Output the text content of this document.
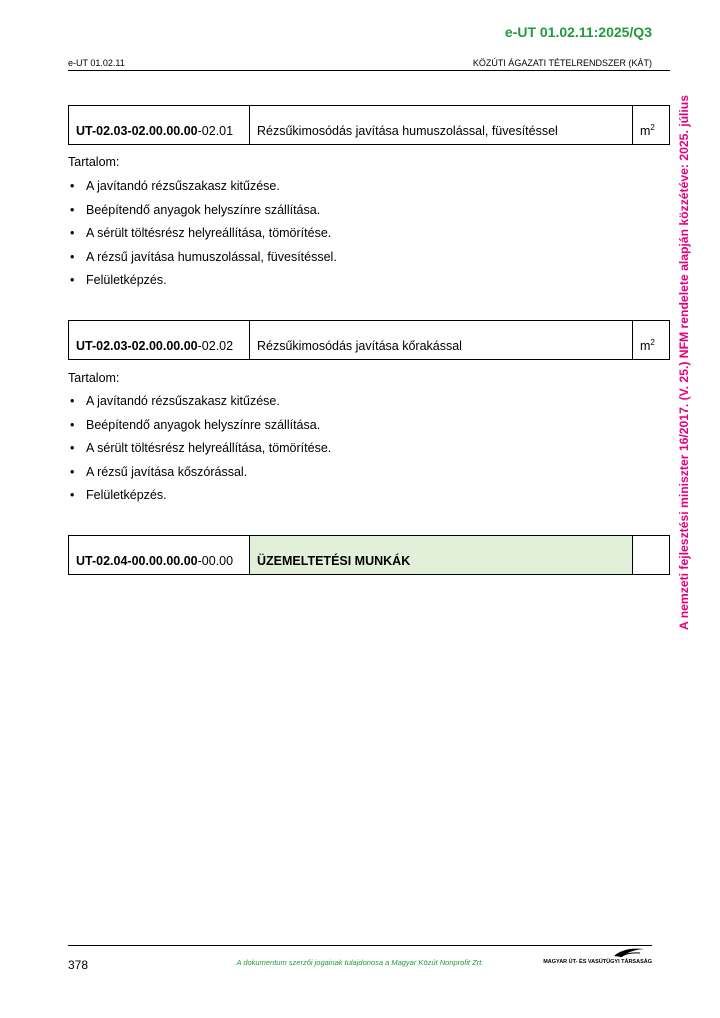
e-UT 01.02.11:2025/Q3
e-UT 01.02.11	KÖZÚTI ÁGAZATI TÉTELRENDSZER (KÁT)
A nemzeti fejlesztési miniszter 16/2017. (V. 25.) NFM rendelete alapján közzétéve: 2025. július
UT-02.03-02.00.00.00-02.01	Rézsűkimosódás javítása humuszolással, füvesítéssel	$m^2$
Tartalom:
• A javítandó rézsűszakasz kitűzése.
• Beépítendő anyagok helyszínre szállítása.
• A sérült töltésrész helyreállítása, tömörítése.
• A rézsű javítása humuszolással, füvesítéssel.
• Felületképzés.
UT-02.03-02.00.00.00-02.02	Rézsűkimosódás javítása kőrakással	$m^2$
Tartalom:
• A javítandó rézsűszakasz kitűzése.
• Beépítendő anyagok helyszínre szállítása.
• A sérült töltésrész helyreállítása, tömörítése.
• A rézsű javítása kőszórással.
• Felületképzés.
UT-02.04-00.00.00.00-00.00	ÜZEMELTETÉSI MUNKÁK	
378	A dokumentum szerzői jogainak tulajdonosa a Magyar Közút Nonprofit Zrt.	MAGYAR ÚT- ÉS VASÚTÜGYI TÁRSASÁG
